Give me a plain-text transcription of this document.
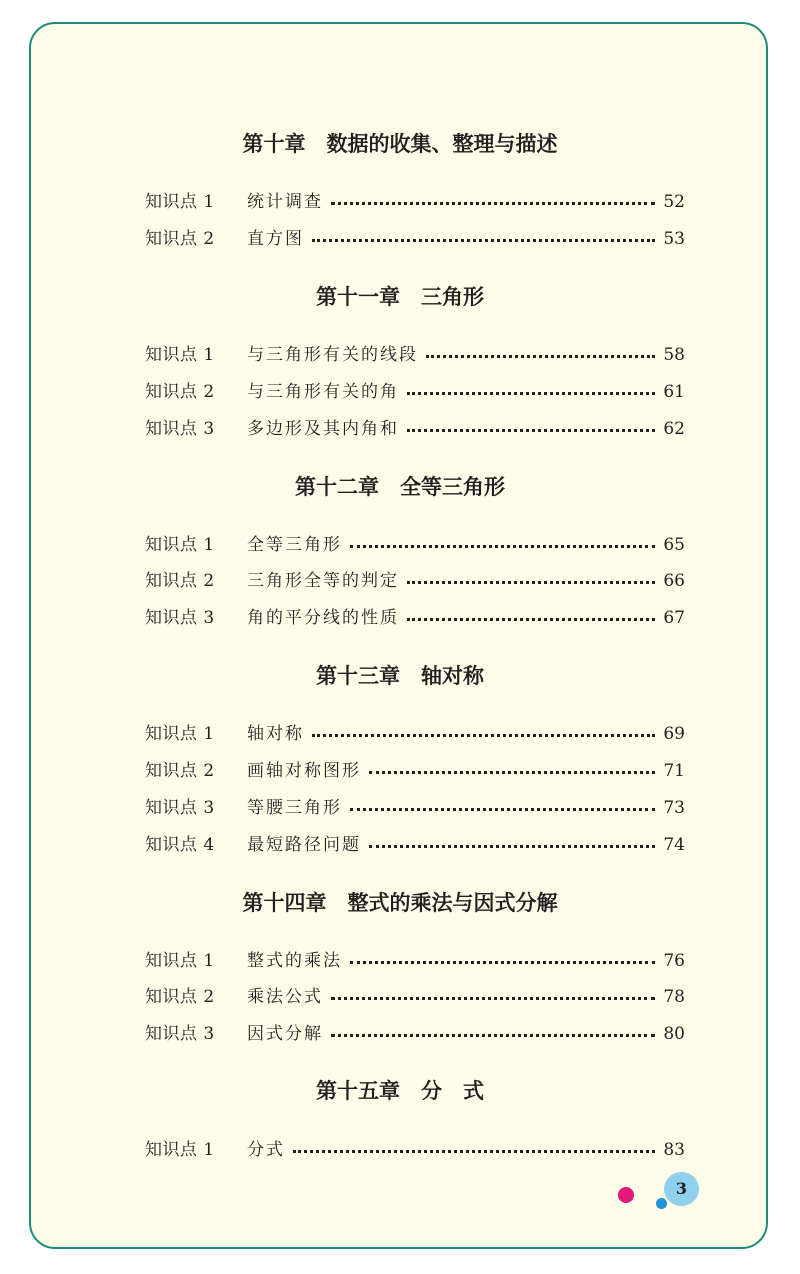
第十章　数据的收集、整理与描述
知识点 1	统计调查	52
知识点 2	直方图	53
第十一章　三角形
知识点 1	与三角形有关的线段	58
知识点 2	与三角形有关的角	61
知识点 3	多边形及其内角和	62
第十二章　全等三角形
知识点 1	全等三角形	65
知识点 2	三角形全等的判定	66
知识点 3	角的平分线的性质	67
第十三章　轴对称
知识点 1	轴对称	69
知识点 2	画轴对称图形	71
知识点 3	等腰三角形	73
知识点 4	最短路径问题	74
第十四章　整式的乘法与因式分解
知识点 1	整式的乘法	76
知识点 2	乘法公式	78
知识点 3	因式分解	80
第十五章　分　式
知识点 1	分式	83
3
